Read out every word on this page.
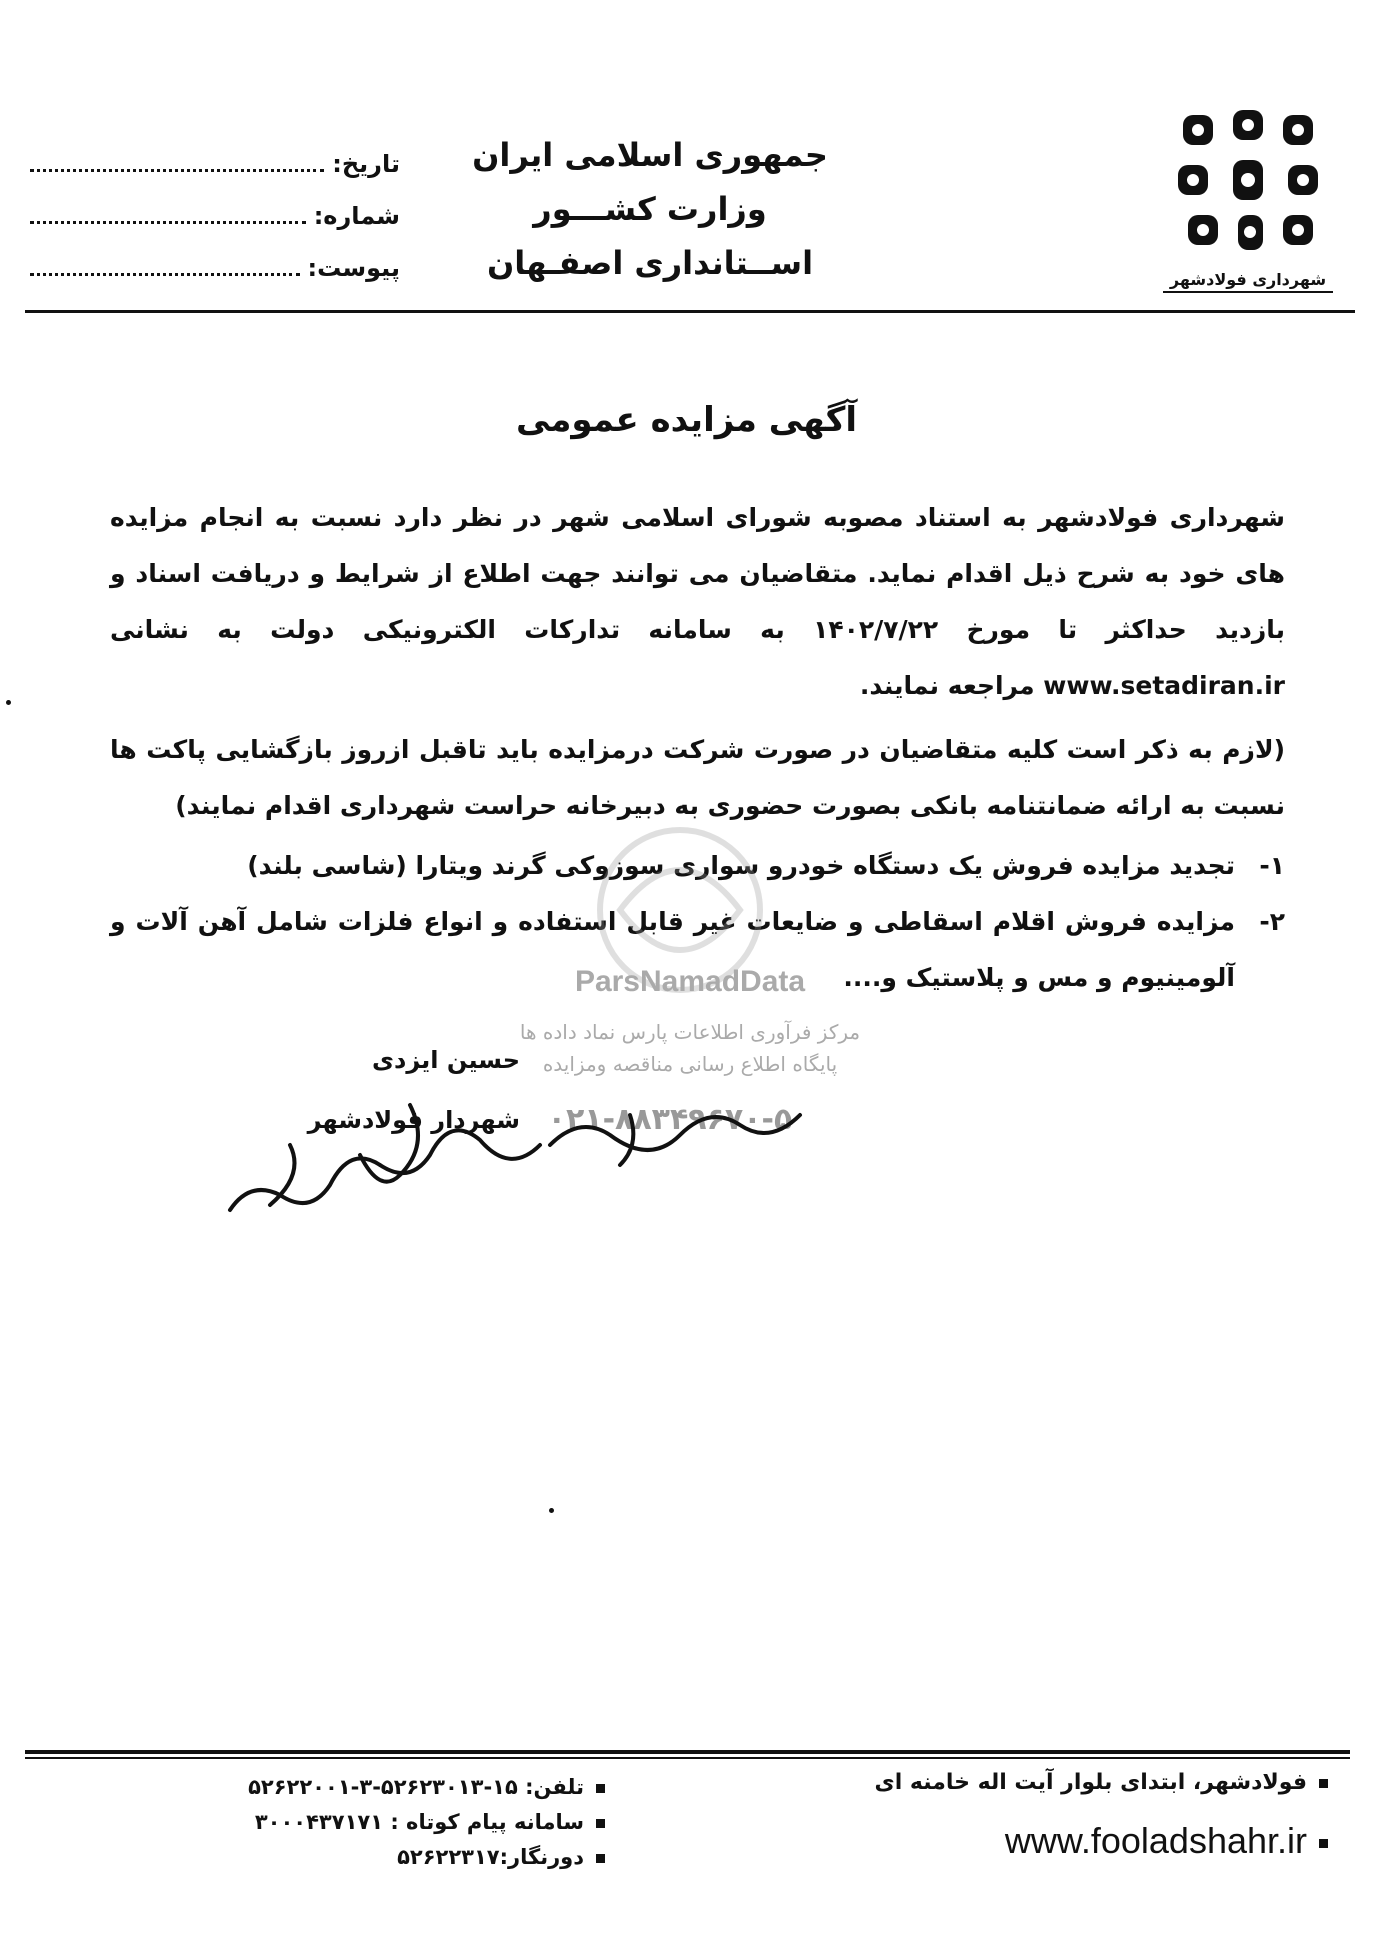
شهرداری فولادشهر
جمهوری اسلامی ایران
وزارت کشـــور
اســتانداری اصفـهان
تاریخ:
شماره:
پیوست:
آگهی مزایده عمومی

شهرداری فولادشهر به استناد مصوبه شورای اسلامی شهر در نظر دارد نسبت به انجام مزایده های خود به شرح ذیل اقدام نماید. متقاضیان می توانند جهت اطلاع از شرایط و دریافت اسناد و بازدید حداکثر تا مورخ ۱۴۰۲/۷/۲۲ به سامانه تدارکات الکترونیکی دولت به نشانی www.setadiran.ir مراجعه نمایند.

(لازم به ذکر است کلیه متقاضیان در صورت شرکت درمزایده باید تاقبل ازروز بازگشایی پاکت ها نسبت به ارائه ضمانتنامه بانکی بصورت حضوری به دبیرخانه حراست شهرداری اقدام نمایند)

۱-
تجدید مزایده فروش یک دستگاه خودرو سواری سوزوکی گرند ویتارا (شاسی بلند)
۲-
مزایده فروش اقلام اسقاطی و ضایعات غیر قابل استفاده و انواع فلزات شامل آهن آلات و آلومینیوم و مس و پلاستیک و....
ParsNamadData
مرکز فرآوری اطلاعات پارس نماد داده ها
پایگاه اطلاع رسانی مناقصه ومزایده
۰۲۱-۸۸۳۴۹۶۷۰-۵
حسین ایزدی
شهردار فولادشهر
فولادشهر، ابتدای بلوار آیت اله خامنه ای
www.fooladshahr.ir
تلفن: ۱۵-۵۲۶۲۳۰۱۳-۳-۵۲۶۲۲۰۰۱
سامانه پیام کوتاه : ۳۰۰۰۴۳۷۱۷۱
دورنگار:۵۲۶۲۲۳۱۷
